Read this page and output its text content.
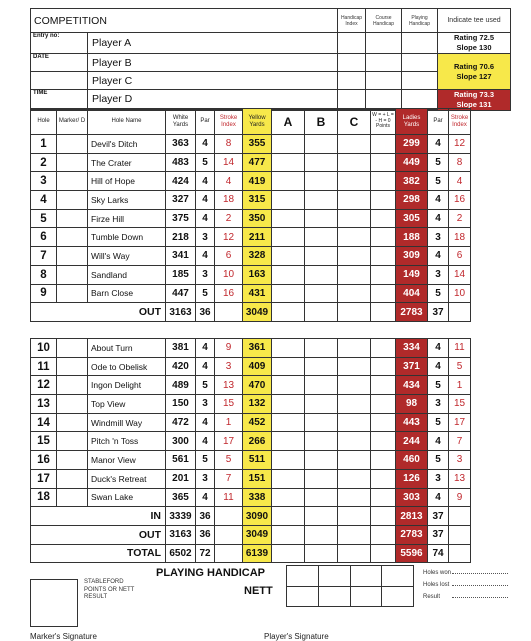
COMPETITION		Handicap Index	Course Handicap	Playing Handicap	Indicate tee used
Entry no:	Player A				Rating 72.5 Slope 130

DATE	Player B				Rating 70.6 Slope 127
	Player C				
TIME	Player D				Rating 73.3 Slope 131

Hole	Marker/ D	Hole Name	White Yards	Par	Stroke Index	Yellow Yards	A	B	C	W = + L = - H = 0 Points	Ladies Yards	Par	Stroke Index	
1		Devil's Ditch	363	4	8	355					299	4	12	
2		The Crater	483	5	14	477					449	5	8	
3		Hill of Hope	424	4	4	419					382	5	4	
4		Sky Larks	327	4	18	315					298	4	16	
5		Firze Hill	375	4	2	350					305	4	2	
6		Tumble Down	218	3	12	211					188	3	18	
7		Will's Way	341	4	6	328					309	4	6	
8		Sandland	185	3	10	163					149	3	14	
9		Barn Close	447	5	16	431					404	5	10	
OUT			3163	36		3049					2783	37		
10		About Turn	381	4	9	361					334	4	11	
11		Ode to Obelisk	420	4	3	409					371	4	5	
12		Ingon Delight	489	5	13	470					434	5	1	
13		Top View	150	3	15	132					98	3	15	
14		Windmill Way	472	4	1	452					443	5	17	
15		Pitch 'n Toss	300	4	17	266					244	4	7	
16		Manor View	561	5	5	511					460	5	3	
17		Duck's Retreat	201	3	7	151					126	3	13	
18		Swan Lake	365	4	11	338					303	4	9	
IN			3339	36		3090					2813	37		
OUT			3163	36		3049					2783	37		
TOTAL			6502	72		6139					5596	74		
STABLEFORD POINTS OR NETT RESULT
PLAYING HANDICAP
NETT
Holes won
Holes lost
Result
Marker's Signature	Player's Signature
